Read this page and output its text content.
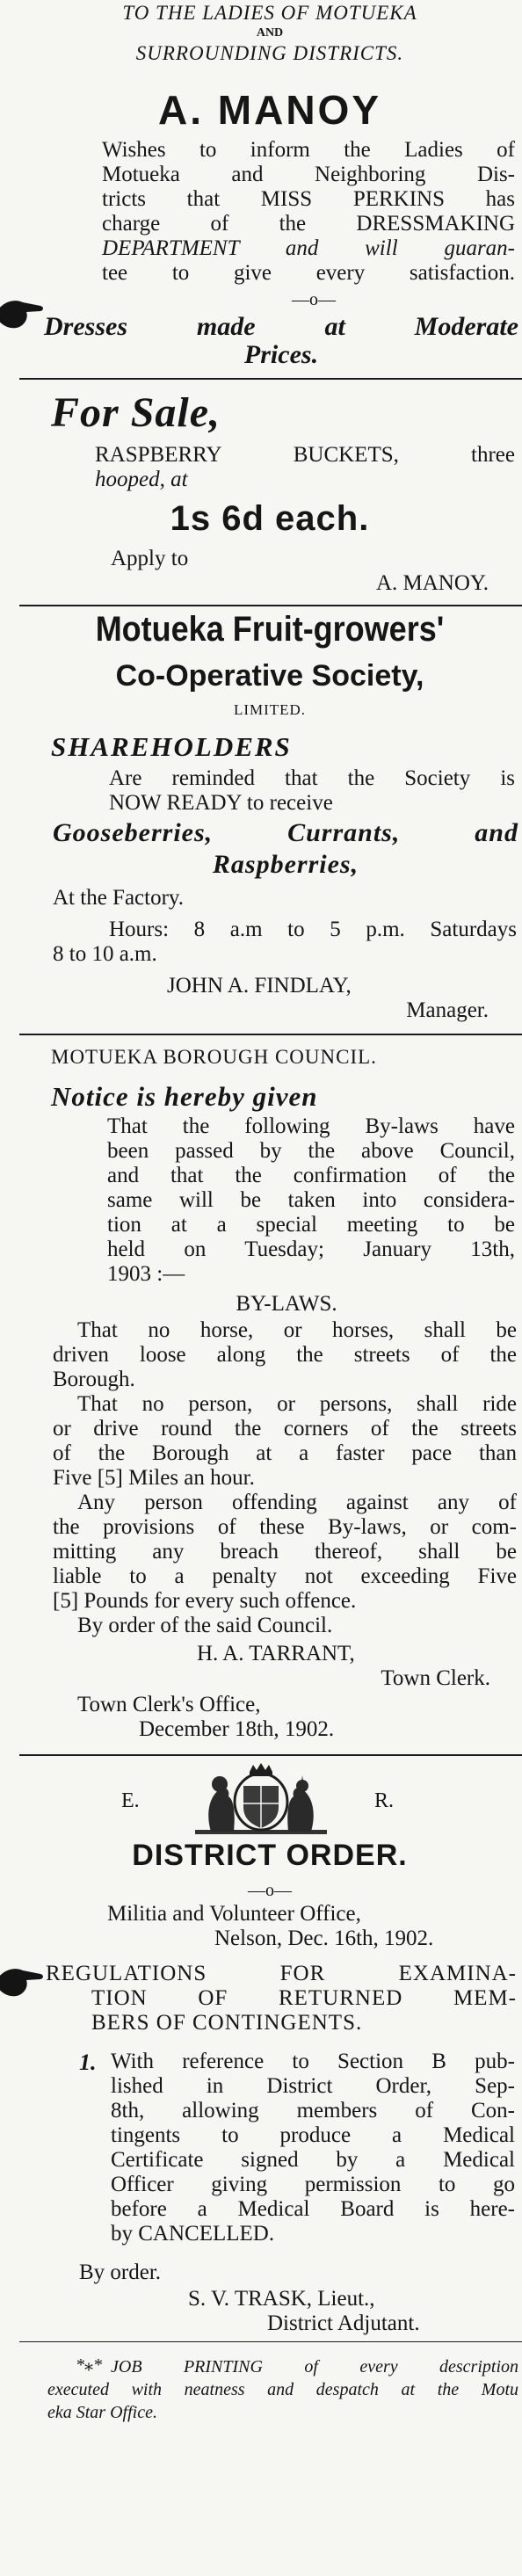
TO THE LADIES OF MOTUEKA
AND
SURROUNDING DISTRICTS.
A. MANOY
Wishes to inform the Ladies of
Motueka and Neighboring Dis-
tricts that MISS PERKINS has
charge of the DRESSMAKING
DEPARTMENT and will guaran-
tee to give every satisfaction.
—o—
Dresses made at Moderate
Prices.
For Sale,
RASPBERRY BUCKETS, three
hooped, at
1s 6d each.
Apply to
A. MANOY.
Motueka Fruit-growers'
Co-Operative Society,
LIMITED.
SHAREHOLDERS
Are reminded that the Society is
NOW READY to receive
Gooseberries, Currants, and
Raspberries,
At the Factory.
Hours: 8 a.m to 5 p.m. Saturdays
8 to 10 a.m.
JOHN A. FINDLAY,
Manager.
MOTUEKA BOROUGH COUNCIL.
Notice is hereby given
That the following By-laws have
been passed by the above Council,
and that the confirmation of the
same will be taken into considera-
tion at a special meeting to be
held on Tuesday; January 13th,
1903 :—
BY-LAWS.
That no horse, or horses, shall be
driven loose along the streets of the
Borough.
That no person, or persons, shall ride
or drive round the corners of the streets
of the Borough at a faster pace than
Five [5] Miles an hour.
Any person offending against any of
the provisions of these By-laws, or com-
mitting any breach thereof, shall be
liable to a penalty not exceeding Five
[5] Pounds for every such offence.
By order of the said Council.
H. A. TARRANT,
Town Clerk.
Town Clerk's Office,
December 18th, 1902.
E.	R.
DISTRICT ORDER.
—o—
Militia and Volunteer Office,
Nelson, Dec. 16th, 1902.
REGULATIONS FOR EXAMINA-
TION OF RETURNED MEM-
BERS OF CONTINGENTS.
1. With reference to Section B pub-
lished in District Order, Sep-
8th, allowing members of Con-
tingents to produce a Medical
Certificate signed by a Medical
Officer giving permission to go
before a Medical Board is here-
by CANCELLED.
By order.
S. V. TRASK, Lieut.,
District Adjutant.
*⁎* JOB PRINTING of every description
executed with neatness and despatch at the Motu
eka Star Office.
